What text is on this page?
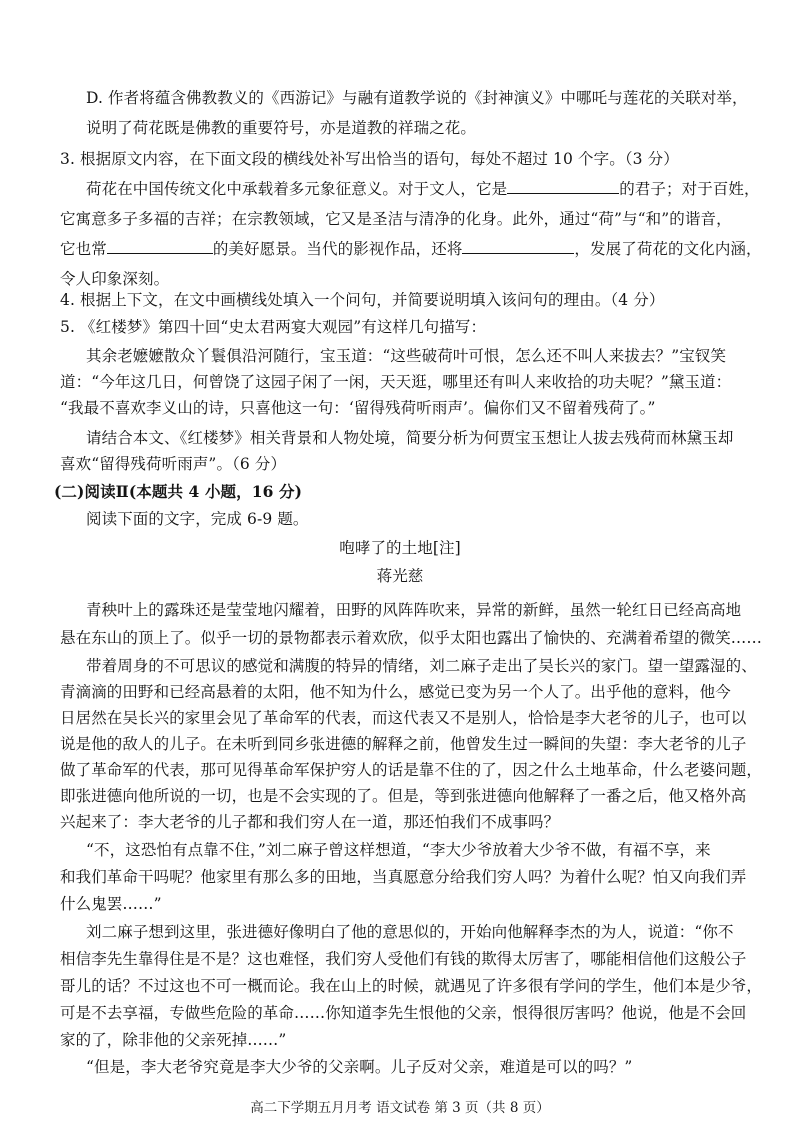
D. 作者将蕴含佛教教义的《西游记》与融有道教学说的《封神演义》中哪吒与莲花的关联对举，
说明了荷花既是佛教的重要符号，亦是道教的祥瑞之花。
3. 根据原文内容，在下面文段的横线处补写出恰当的语句，每处不超过 10 个字。（3 分）
荷花在中国传统文化中承载着多元象征意义。对于文人，它是	的君子；对于百姓，
它寓意多子多福的吉祥；在宗教领域，它又是圣洁与清净的化身。此外，通过“荷”与“和”的谐音，
它也常	的美好愿景。当代的影视作品，还将	，发展了荷花的文化内涵，
令人印象深刻。
4. 根据上下文，在文中画横线处填入一个问句，并简要说明填入该问句的理由。（4 分）
5. 《红楼梦》第四十回“史太君两宴大观园”有这样几句描写：
其余老嬷嬷散众丫鬟俱沿河随行，宝玉道：“这些破荷叶可恨，怎么还不叫人来拔去？”宝钗笑
道：“今年这几日，何曾饶了这园子闲了一闲，天天逛，哪里还有叫人来收拾的功夫呢？”黛玉道：
“我最不喜欢李义山的诗，只喜他这一句：‘留得残荷听雨声’。偏你们又不留着残荷了。”
请结合本文、《红楼梦》相关背景和人物处境，简要分析为何贾宝玉想让人拔去残荷而林黛玉却
喜欢“留得残荷听雨声”。（6 分）
(二)阅读Ⅱ(本题共 4 小题，16 分)
阅读下面的文字，完成 6-9 题。
咆哮了的土地[注]
蒋光慈
青秧叶上的露珠还是莹莹地闪耀着，田野的风阵阵吹来，异常的新鲜，虽然一轮红日已经高高地
悬在东山的顶上了。似乎一切的景物都表示着欢欣，似乎太阳也露出了愉快的、充满着希望的微笑……
带着周身的不可思议的感觉和满腹的特异的情绪，刘二麻子走出了吴长兴的家门。望一望露湿的、
青滴滴的田野和已经高悬着的太阳，他不知为什么，感觉已变为另一个人了。出乎他的意料，他今
日居然在吴长兴的家里会见了革命军的代表，而这代表又不是别人，恰恰是李大老爷的儿子，也可以
说是他的敌人的儿子。在未听到同乡张进德的解释之前，他曾发生过一瞬间的失望：李大老爷的儿子
做了革命军的代表，那可见得革命军保护穷人的话是靠不住的了，因之什么土地革命，什么老婆问题，
即张进德向他所说的一切，也是不会实现的了。但是，等到张进德向他解释了一番之后，他又格外高
兴起来了：李大老爷的儿子都和我们穷人在一道，那还怕我们不成事吗？
“不，这恐怕有点靠不住，”刘二麻子曾这样想道，“李大少爷放着大少爷不做，有福不享，来
和我们革命干吗呢？他家里有那么多的田地，当真愿意分给我们穷人吗？为着什么呢？怕又向我们弄
什么鬼罢……”
刘二麻子想到这里，张进德好像明白了他的意思似的，开始向他解释李杰的为人，说道：“你不
相信李先生靠得住是不是？这也难怪，我们穷人受他们有钱的欺得太厉害了，哪能相信他们这般公子
哥儿的话？不过这也不可一概而论。我在山上的时候，就遇见了许多很有学问的学生，他们本是少爷，
可是不去享福，专做些危险的革命……你知道李先生恨他的父亲，恨得很厉害吗？他说，他是不会回
家的了，除非他的父亲死掉……”
高二下学期五月月考 语文试卷 第 3 页（共 8 页）
“但是，李大老爷究竟是李大少爷的父亲啊。儿子反对父亲，难道是可以的吗？”
